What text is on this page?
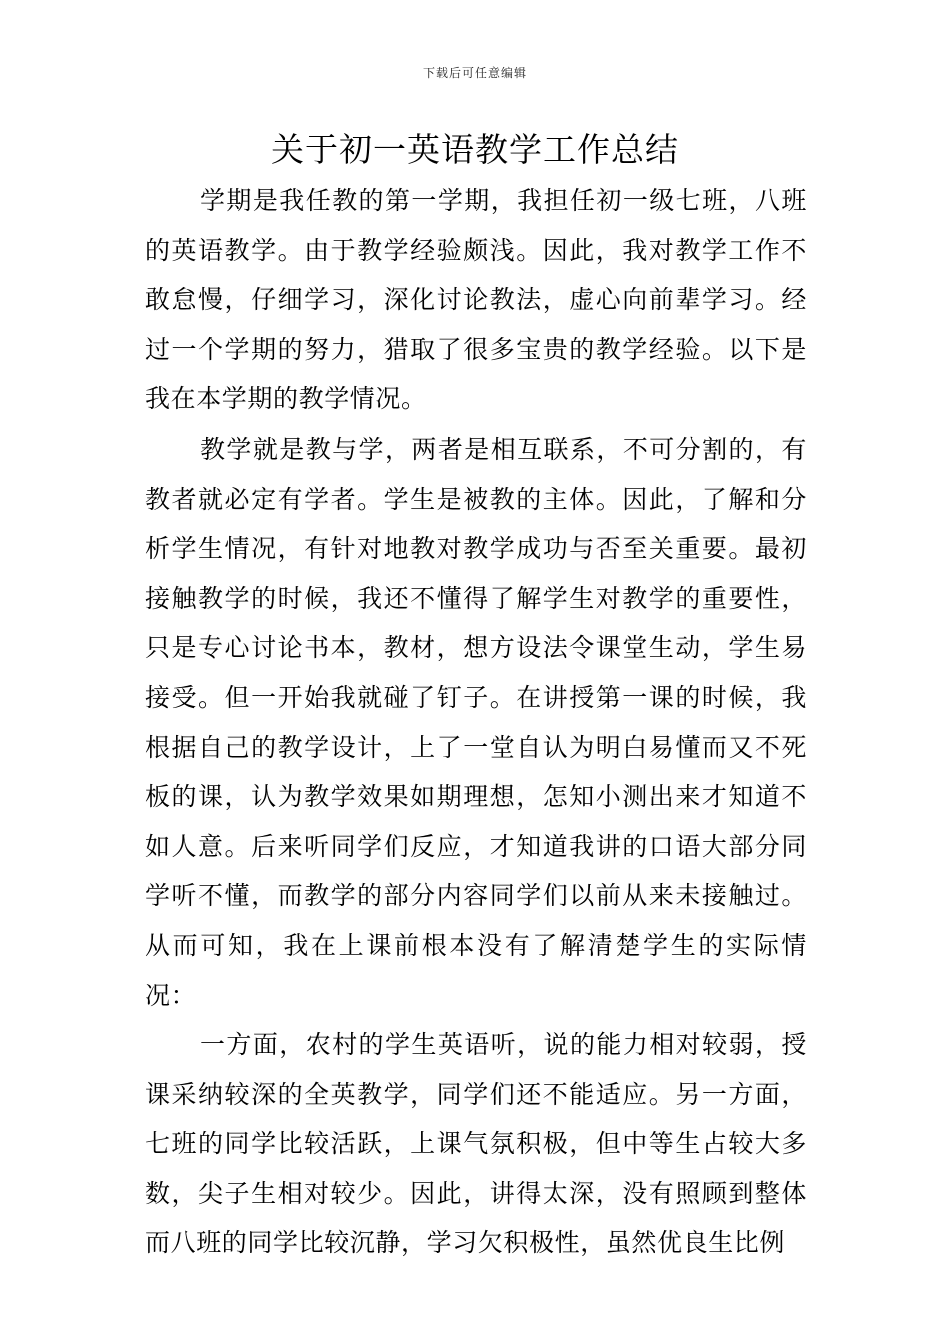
下载后可任意编辑
关于初一英语教学工作总结

学期是我任教的第一学期，我担任初一级七班，八班的英语教学。由于教学经验颇浅。因此，我对教学工作不敢怠慢，仔细学习，深化讨论教法，虚心向前辈学习。经过一个学期的努力，猎取了很多宝贵的教学经验。以下是我在本学期的教学情况。

教学就是教与学，两者是相互联系，不可分割的，有教者就必定有学者。学生是被教的主体。因此，了解和分析学生情况，有针对地教对教学成功与否至关重要。最初接触教学的时候，我还不懂得了解学生对教学的重要性，只是专心讨论书本，教材，想方设法令课堂生动，学生易接受。但一开始我就碰了钉子。在讲授第一课的时候，我根据自己的教学设计，上了一堂自认为明白易懂而又不死板的课，认为教学效果如期理想，怎知小测出来才知道不如人意。后来听同学们反应，才知道我讲的口语大部分同学听不懂，而教学的部分内容同学们以前从来未接触过。从而可知，我在上课前根本没有了解清楚学生的实际情况：

一方面，农村的学生英语听，说的能力相对较弱，授课采纳较深的全英教学，同学们还不能适应。另一方面，七班的同学比较活跃，上课气氛积极，但中等生占较大多数，尖子生相对较少。因此，讲得太深，没有照顾到整体而八班的同学比较沉静，学习欠积极性，虽然优良生比例
